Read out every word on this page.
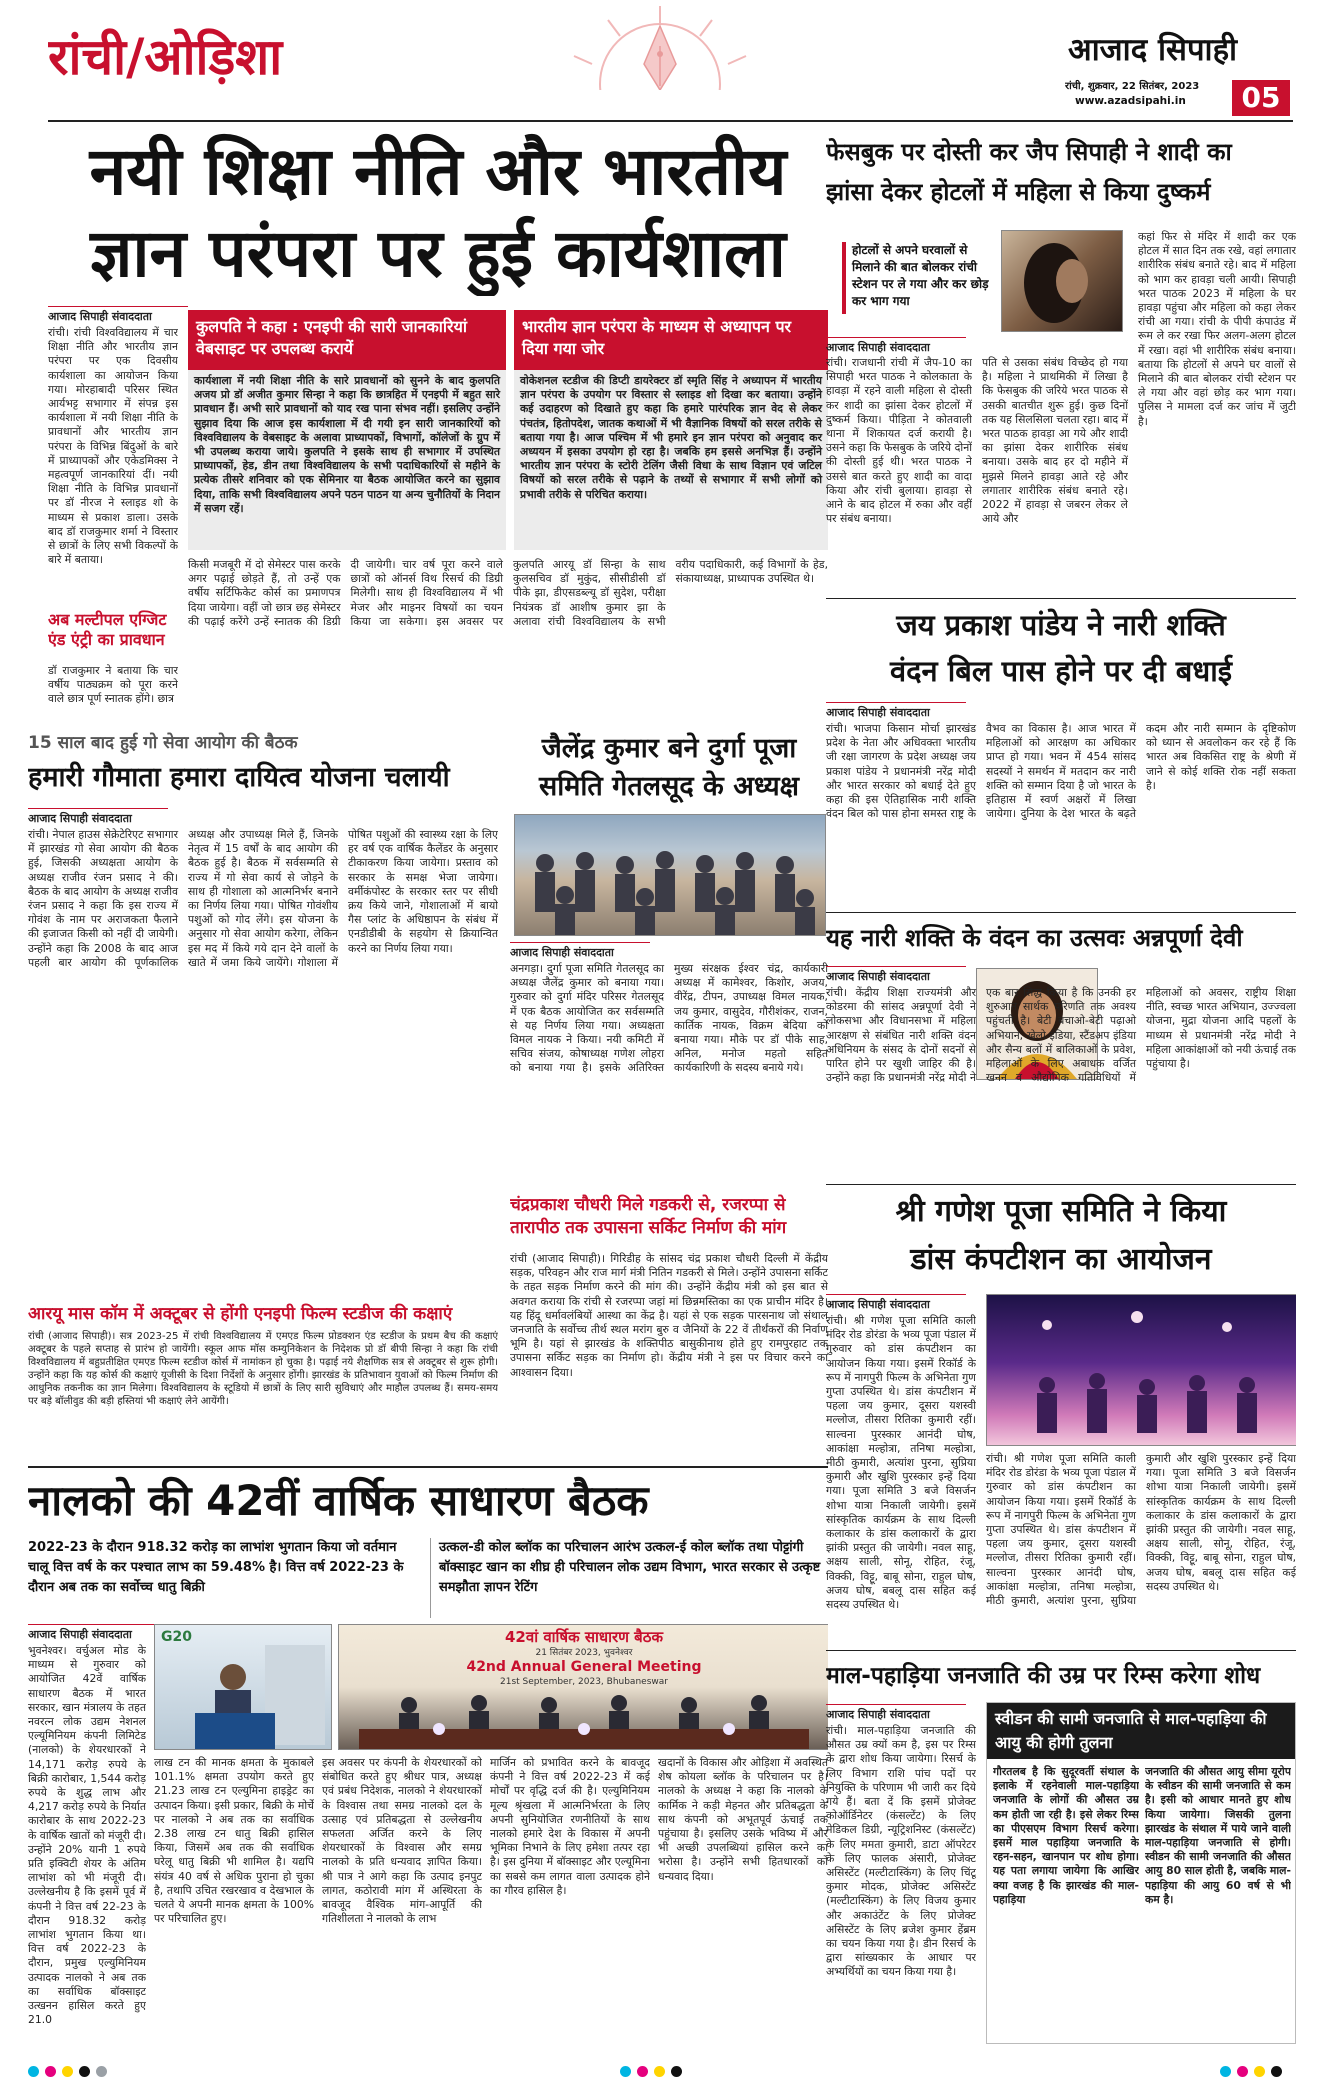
रांची/ओड़िशा	आजाद सिपाही
रांची, शुक्रवार, 22 सितंबर, 2023
www.azadsipahi.in	05
नयी शिक्षा नीति और भारतीय
ज्ञान परंपरा पर हुई कार्यशाला
आजाद सिपाही संवाददाता
रांची। रांची विश्वविद्यालय में चार शिक्षा नीति और भारतीय ज्ञान परंपरा पर एक दिवसीय कार्यशाला का आयोजन किया गया। मोरहाबादी परिसर स्थित आर्यभट्ट सभागार में संपन्न इस कार्यशाला में नयी शिक्षा नीति के प्रावधानों और भारतीय ज्ञान परंपरा के विभिन्न बिंदुओं के बारे में प्राध्यापकों और एकेडमिक्स ने महत्वपूर्ण जानकारियां दीं। नयी शिक्षा नीति के विभिन्न प्रावधानों पर डॉ नीरज ने स्लाइड शो के माध्यम से प्रकाश डाला। उसके बाद डॉ राजकुमार शर्मा ने विस्तार से छात्रों के लिए सभी विकल्पों के बारे में बताया।
अब मल्टीपल एग्जिट एंड एंट्री का प्रावधान
डॉ राजकुमार ने बताया कि चार वर्षीय पाठ्यक्रम को पूरा करने वाले छात्र पूर्ण स्नातक होंगे। छात्र
कुलपति ने कहा : एनइपी की सारी जानकारियां वेबसाइट पर उपलब्ध करायें
कार्यशाला में नयी शिक्षा नीति के सारे प्रावधानों को सुनने के बाद कुलपति अजय प्रो डॉ अजीत कुमार सिन्हा ने कहा कि छात्रहित में एनइपी में बहुत सारे प्रावधान हैं। अभी सारे प्रावधानों को याद रख पाना संभव नहीं। इसलिए उन्होंने सुझाव दिया कि आज इस कार्यशाला में दी गयी इन सारी जानकारियों को विश्वविद्यालय के वेबसाइट के अलावा प्राध्यापकों, विभागों, कॉलेजों के ग्रुप में भी उपलब्ध कराया जाये। कुलपति ने इसके साथ ही सभागार में उपस्थित प्राध्यापकों, हेड, डीन तथा विश्वविद्यालय के सभी पदाधिकारियों से महीने के प्रत्येक तीसरे शनिवार को एक सेमिनार या बैठक आयोजित करने का सुझाव दिया, ताकि सभी विश्वविद्यालय अपने पठन पाठन या अन्य चुनौतियों के निदान में सजग रहें।
भारतीय ज्ञान परंपरा के माध्यम से अध्यापन पर दिया गया जोर
वोकेशनल स्टडीज की डिप्टी डायरेक्टर डॉ स्मृति सिंह ने अध्यापन में भारतीय ज्ञान परंपरा के उपयोग पर विस्तार से स्लाइड शो दिखा कर बताया। उन्होंने कई उदाहरण को दिखाते हुए कहा कि हमारे पारंपरिक ज्ञान वेद से लेकर पंचतंत्र, हितोपदेश, जातक कथाओं में भी वैज्ञानिक विषयों को सरल तरीके से बताया गया है। आज पश्चिम में भी हमारे इन ज्ञान परंपरा को अनुवाद कर अध्ययन में इसका उपयोग हो रहा है। जबकि हम इससे अनभिज्ञ हैं। उन्होंने भारतीय ज्ञान परंपरा के स्टोरी टेलिंग जैसी विधा के साथ विज्ञान एवं जटिल विषयों को सरल तरीके से पढ़ाने के तथ्यों से सभागार में सभी लोगों को प्रभावी तरीके से परिचित कराया।
किसी मजबूरी में दो सेमेस्टर पास करके अगर पढ़ाई छोड़ते हैं, तो उन्हें एक वर्षीय सर्टिफिकेट कोर्स का प्रमाणपत्र दिया जायेगा। वहीं जो छात्र छह सेमेस्टर की पढ़ाई करेंगे उन्हें स्नातक की डिग्री दी जायेगी। चार वर्ष पूरा करने वाले छात्रों को ऑनर्स विथ रिसर्च की डिग्री मिलेगी। साथ ही विश्वविद्यालय में भी मेजर और माइनर विषयों का चयन किया जा सकेगा। इस अवसर पर कुलपति आरयू डॉ सिन्हा के साथ कुलसचिव डॉ मुकुंद, सीसीडीसी डॉ पीके झा, डीएसडब्ल्यू डॉ सुदेश, परीक्षा नियंत्रक डॉ आशीष कुमार झा के अलावा रांची विश्वविद्यालय के सभी वरीय पदाधिकारी, कई विभागों के हेड, संकायाध्यक्ष, प्राध्यापक उपस्थित थे।
15 साल बाद हुई गो सेवा आयोग की बैठक
हमारी गौमाता हमारा दायित्व योजना चलायी
आजाद सिपाही संवाददाता
रांची। नेपाल हाउस सेक्रेटेरिएट सभागार में झारखंड गो सेवा आयोग की बैठक हुई, जिसकी अध्यक्षता आयोग के अध्यक्ष राजीव रंजन प्रसाद ने की। बैठक के बाद आयोग के अध्यक्ष राजीव रंजन प्रसाद ने कहा कि इस राज्य में गोवंश के नाम पर अराजकता फैलाने की इजाजत किसी को नहीं दी जायेगी। उन्होंने कहा कि 2008 के बाद आज पहली बार आयोग की पूर्णकालिक अध्यक्ष और उपाध्यक्ष मिले हैं, जिनके नेतृत्व में 15 वर्षों के बाद आयोग की बैठक हुई है। बैठक में सर्वसम्मति से राज्य में गो सेवा कार्य से जोड़ने के साथ ही गोशाला को आत्मनिर्भर बनाने का निर्णय लिया गया। पोषित गोवंशीय पशुओं को गोद लेंगे। इस योजना के अनुसार गो सेवा आयोग करेगा, लेकिन इस मद में किये गये दान देने वालों के खाते में जमा किये जायेंगे। गोशाला में पोषित पशुओं की स्वास्थ्य रक्षा के लिए हर वर्ष एक वार्षिक कैलेंडर के अनुसार टीकाकरण किया जायेगा। प्रस्ताव को सरकार के समक्ष भेजा जायेगा। वर्मीकंपोस्ट के सरकार स्तर पर सीधी क्रय किये जाने, गोशालाओं में बायो गैस प्लांट के अधिष्ठापन के संबंध में एनडीडीबी के सहयोग से क्रियान्वित करने का निर्णय लिया गया।
जैलेंद्र कुमार बने दुर्गा पूजा
समिति गेतलसूद के अध्यक्ष
आजाद सिपाही संवाददाता
अनगड़ा। दुर्गा पूजा समिति गेतलसूद का अध्यक्ष जैलेंद्र कुमार को बनाया गया। गुरुवार को दुर्गा मंदिर परिसर गेतलसूद में एक बैठक आयोजित कर सर्वसम्मति से यह निर्णय लिया गया। अध्यक्षता विमल नायक ने किया। नयी कमिटी में सचिव संजय, कोषाध्यक्ष गणेश लोहरा को बनाया गया है। इसके अतिरिक्त मुख्य संरक्षक ईश्वर चंद्र, कार्यकारी अध्यक्ष में कामेश्वर, किशोर, अजय, वीरेंद्र, टीपन, उपाध्यक्ष विमल नायक, जय कुमार, वासुदेव, गौरीशंकर, राजन, कार्तिक नायक, विक्रम बेदिया को बनाया गया। मौके पर डॉ पीके साह, अनिल, मनोज महतो सहित कार्यकारिणी के सदस्य बनाये गये।
चंद्रप्रकाश चौधरी मिले गडकरी से, रजरप्पा से तारापीठ तक उपासना सर्किट निर्माण की मांग
रांची (आजाद सिपाही)। गिरिडीह के सांसद चंद्र प्रकाश चौधरी दिल्ली में केंद्रीय सड़क, परिवहन और राज मार्ग मंत्री नितिन गडकरी से मिले। उन्होंने उपासना सर्किट के तहत सड़क निर्माण करने की मांग की। उन्होंने केंद्रीय मंत्री को इस बात से अवगत कराया कि रांची से रजरप्पा जहां मां छिन्नमस्तिका का एक प्राचीन मंदिर है। यह हिंदू धर्मावलंबियों आस्था का केंद्र है। यहां से एक सड़क पारसनाथ जो संथाल जनजाति के सर्वोच्च तीर्थ स्थल मरांग बुरु व जैनियों के 22 वें तीर्थंकरों की निर्वाण भूमि है। यहां से झारखंड के शक्तिपीठ बासुकीनाथ होते हुए रामपुरहाट तक उपासना सर्किट सड़क का निर्माण हो। केंद्रीय मंत्री ने इस पर विचार करने का आश्वासन दिया।
आरयू मास कॉम में अक्टूबर से होंगी एनइपी फिल्म स्टडीज की कक्षाएं
रांची (आजाद सिपाही)। सत्र 2023-25 में रांची विश्वविद्यालय में एमएड फिल्म प्रोडक्शन एंड स्टडीज के प्रथम बैच की कक्षाएं अक्टूबर के पहले सप्ताह से प्रारंभ हो जायेंगी। स्कूल आफ मॉस कम्युनिकेशन के निदेशक प्रो डॉ बीपी सिन्हा ने कहा कि रांची विश्वविद्यालय में बहुप्रतीक्षित एमएड फिल्म स्टडीज कोर्स में नामांकन हो चुका है। पढ़ाई नये शैक्षणिक सत्र से अक्टूबर से शुरू होगी। उन्होंने कहा कि यह कोर्स की कक्षाएं यूजीसी के दिशा निर्देशों के अनुसार होंगी। झारखंड के प्रतिभावान युवाओं को फिल्म निर्माण की आधुनिक तकनीक का ज्ञान मिलेगा। विश्वविद्यालय के स्टूडियो में छात्रों के लिए सारी सुविधाएं और माहौल उपलब्ध हैं। समय-समय पर बड़े बॉलीवुड की बड़ी हस्तियां भी कक्षाएं लेने आयेंगी।
नालको की 42वीं वार्षिक साधारण बैठक
2022-23 के दौरान 918.32 करोड़ का लाभांश भुगतान किया जो वर्तमान चालू वित्त वर्ष के कर पश्चात लाभ का 59.48% है। वित्त वर्ष 2022-23 के दौरान अब तक का सर्वोच्च धातु बिक्री
उत्कल-डी कोल ब्लॉक का परिचालन आरंभ उत्कल-ई कोल ब्लॉक तथा पोट्टांगी बॉक्साइट खान का शीघ्र ही परिचालन लोक उद्यम विभाग, भारत सरकार से उत्कृष्ट समझौता ज्ञापन रेटिंग
आजाद सिपाही संवाददाता
भुवनेश्वर। वर्चुअल मोड के माध्यम से गुरुवार को आयोजित 42वें वार्षिक साधारण बैठक में भारत सरकार, खान मंत्रालय के तहत नवरत्न लोक उद्यम नेशनल एल्यूमिनियम कंपनी लिमिटेड (नालको) के शेयरधारकों ने 14,171 करोड़ रुपये के बिक्री कारोबार, 1,544 करोड़ रुपये के शुद्ध लाभ और 4,217 करोड़ रुपये के निर्यात कारोबार के साथ 2022-23 के वार्षिक खातों को मंजूरी दी। उन्होंने 20% यानी 1 रुपये प्रति इक्विटी शेयर के अंतिम लाभांश को भी मंजूरी दी। उल्लेखनीय है कि इसमें पूर्व में कंपनी ने वित्त वर्ष 22-23 के दौरान 918.32 करोड़ लाभांश भुगतान किया था। वित्त वर्ष 2022-23 के दौरान, प्रमुख एल्युमिनियम उत्पादक नालको ने अब तक का सर्वाधिक बॉक्साइट उत्खनन हासिल करते हुए 21.0
G20	42वां वार्षिक साधारण बैठक
21 सितंबर 2023, भुवनेश्वर
42nd Annual General Meeting
21st September, 2023, Bhubaneswar
लाख टन की मानक क्षमता के मुकाबले 101.1% क्षमता उपयोग करते हुए 21.23 लाख टन एल्युमिना हाइड्रेट का उत्पादन किया। इसी प्रकार, बिक्री के मोर्चे पर नालको ने अब तक का सर्वाधिक 2.38 लाख टन धातु बिक्री हासिल किया, जिसमें अब तक की सर्वाधिक घरेलू धातु बिक्री भी शामिल है। यद्यपि संयंत्र 40 वर्ष से अधिक पुराना हो चुका है, तथापि उचित रखरखाव व देखभाल के चलते ये अपनी मानक क्षमता के 100% पर परिचालित हुए।
इस अवसर पर कंपनी के शेयरधारकों को संबोधित करते हुए श्रीधर पात्र, अध्यक्ष एवं प्रबंध निदेशक, नालको ने शेयरधारकों के विश्वास तथा समग्र नालको दल के उत्साह एवं प्रतिबद्धता से उल्लेखनीय सफलता अर्जित करने के लिए शेयरधारकों के विश्वास और समग्र नालको के प्रति धन्यवाद ज्ञापित किया। श्री पात्र ने आगे कहा कि उत्पाद इनपुट लागत, कठोरावी मांग में अस्थिरता के बावजूद वैश्विक मांग-आपूर्ति की गतिशीलता ने नालको के लाभ
मार्जिन को प्रभावित करने के बावजूद कंपनी ने वित्त वर्ष 2022-23 में कई मोर्चों पर वृद्धि दर्ज की है। एल्युमिनियम मूल्य श्रृंखला में आत्मनिर्भरता के लिए अपनी सुनियोजित रणनीतियों के साथ नालको हमारे देश के विकास में अपनी भूमिका निभाने के लिए हमेशा तत्पर रहा है। इस दुनिया में बॉक्साइट और एल्यूमिना का सबसे कम लागत वाला उत्पादक होने का गौरव हासिल है।
खदानों के विकास और ओड़िशा में अवस्थित शेष कोयला ब्लॉक के परिचालन पर है। नालको के अध्यक्ष ने कहा कि नालको के कार्मिक ने कड़ी मेहनत और प्रतिबद्धता के साथ कंपनी को अभूतपूर्व ऊंचाई तक पहुंचाया है। इसलिए उसके भविष्य में और भी अच्छी उपलब्धियां हासिल करने का भरोसा है। उन्होंने सभी हितधारकों को धन्यवाद दिया।
फेसबुक पर दोस्ती कर जैप सिपाही ने शादी का
झांसा देकर होटलों में महिला से किया दुष्कर्म
होटलों से अपने घरवालों से मिलाने की बात बोलकर रांची स्टेशन पर ले गया और कर छोड़ कर भाग गया
आजाद सिपाही संवाददाता
रांची। राजधानी रांची में जैप-10 का सिपाही भरत पाठक ने कोलकाता के हावड़ा में रहने वाली महिला से दोस्ती कर शादी का झांसा देकर होटलों में दुष्कर्म किया। पीड़िता ने कोतवाली थाना में शिकायत दर्ज करायी है। उसने कहा कि फेसबुक के जरिये दोनों की दोस्ती हुई थी। भरत पाठक ने उससे बात करते हुए शादी का वादा किया और रांची बुलाया। हावड़ा से आने के बाद होटल में रुका और वहीं पर संबंध बनाया।
पति से उसका संबंध विच्छेद हो गया है। महिला ने प्राथमिकी में लिखा है कि फेसबुक की जरिये भरत पाठक से उसकी बातचीत शुरू हुई। कुछ दिनों तक यह सिलसिला चलता रहा। बाद में भरत पाठक हावड़ा आ गये और शादी का झांसा देकर शारीरिक संबंध बनाया। उसके बाद हर दो महीने में मुझसे मिलने हावड़ा आते रहे और लगातार शारीरिक संबंध बनाते रहे। 2022 में हावड़ा से जबरन लेकर ले आये और
कहां फिर से मंदिर में शादी कर एक होटल में सात दिन तक रखे, वहां लगातार शारीरिक संबंध बनाते रहे। बाद में महिला को भाग कर हावड़ा चली आयी। सिपाही भरत पाठक 2023 में महिला के घर हावड़ा पहुंचा और महिला को कहा लेकर रांची आ गया। रांची के पीपी कंपाउंड में रूम ले कर रखा फिर अलग-अलग होटल में रखा। वहां भी शारीरिक संबंध बनाया। बताया कि होटलों से अपने घर वालों से मिलाने की बात बोलकर रांची स्टेशन पर ले गया और वहां छोड़ कर भाग गया। पुलिस ने मामला दर्ज कर जांच में जुटी है।
जय प्रकाश पांडेय ने नारी शक्ति
वंदन बिल पास होने पर दी बधाई
आजाद सिपाही संवाददाता
रांची। भाजपा किसान मोर्चा झारखंड प्रदेश के नेता और अधिवक्ता भारतीय जी रक्षा जागरण के प्रदेश अध्यक्ष जय प्रकाश पांडेय ने प्रधानमंत्री नरेंद्र मोदी और भारत सरकार को बधाई देते हुए कहा की इस ऐतिहासिक नारी शक्ति वंदन बिल को पास होना समस्त राष्ट्र के वैभव का विकास है। आज भारत में महिलाओं को आरक्षण का अधिकार प्राप्त हो गया। भवन में 454 सांसद सदस्यों ने समर्थन में मतदान कर नारी शक्ति को सम्मान दिया है जो भारत के इतिहास में स्वर्ण अक्षरों में लिखा जायेगा। दुनिया के देश भारत के बढ़ते कदम और नारी सम्मान के दृष्टिकोण को ध्यान से अवलोकन कर रहे हैं कि भारत अब विकसित राष्ट्र के श्रेणी में जाने से कोई शक्ति रोक नहीं सकता है।
यह नारी शक्ति के वंदन का उत्सवः अन्नपूर्णा देवी
आजाद सिपाही संवाददाता
रांची। केंद्रीय शिक्षा राज्यमंत्री और कोडरमा की सांसद अन्नपूर्णा देवी ने लोकसभा और विधानसभा में महिला आरक्षण से संबंधित नारी शक्ति वंदन अधिनियम के संसद के दोनों सदनों से पारित होने पर खुशी जाहिर की है। उन्होंने कहा कि प्रधानमंत्री नरेंद्र मोदी ने एक बार सिद्ध किया है कि उनकी हर शुरुआत सार्थक परिणति तक अवश्य पहुंचती है। बेटी बचाओ-बेटी पढ़ाओ अभियान, खेलो इंडिया, स्टैंडअप इंडिया और सैन्य बलों में बालिकाओं के प्रवेश, महिलाओं के लिए अबाधक वर्जित खनन व औद्योगिक गतिविधियों में महिलाओं को अवसर, राष्ट्रीय शिक्षा नीति, स्वच्छ भारत अभियान, उज्ज्वला योजना, मुद्रा योजना आदि पहलों के माध्यम से प्रधानमंत्री नरेंद्र मोदी ने महिला आकांक्षाओं को नयी ऊंचाई तक पहुंचाया है।
श्री गणेश पूजा समिति ने किया
डांस कंपटीशन का आयोजन
आजाद सिपाही संवाददाता
रांची। श्री गणेश पूजा समिति काली मंदिर रोड डोरंडा के भव्य पूजा पंडाल में गुरुवार को डांस कंपटीशन का आयोजन किया गया। इसमें रिकॉर्ड के रूप में नागपुरी फिल्म के अभिनेता गुण गुप्ता उपस्थित थे। डांस कंपटीशन में पहला जय कुमार, दूसरा यशस्वी मल्लोज, तीसरा रितिका कुमारी रहीं। साल्वना पुरस्कार आनंदी घोष, आकांक्षा मल्होत्रा, तनिषा मल्होत्रा, मीठी कुमारी, अत्यांश पुरना, सुप्रिया कुमारी और खुशि पुरस्कार इन्हें दिया गया। पूजा समिति 3 बजे विसर्जन शोभा यात्रा निकाली जायेगी। इसमें सांस्कृतिक कार्यक्रम के साथ दिल्ली कलाकार के डांस कलाकारों के द्वारा झांकी प्रस्तुत की जायेगी। नवल साहू, अक्षय साली, सोनू, रोहित, रंजू, विक्की, विट्टू, बाबू सोना, राहुल घोष, अजय घोष, बबलू दास सहित कई सदस्य उपस्थित थे।
रांची। श्री गणेश पूजा समिति काली मंदिर रोड डोरंडा के भव्य पूजा पंडाल में गुरुवार को डांस कंपटीशन का आयोजन किया गया। इसमें रिकॉर्ड के रूप में नागपुरी फिल्म के अभिनेता गुण गुप्ता उपस्थित थे। डांस कंपटीशन में पहला जय कुमार, दूसरा यशस्वी मल्लोज, तीसरा रितिका कुमारी रहीं। साल्वना पुरस्कार आनंदी घोष, आकांक्षा मल्होत्रा, तनिषा मल्होत्रा, मीठी कुमारी, अत्यांश पुरना, सुप्रिया कुमारी और खुशि पुरस्कार इन्हें दिया गया। पूजा समिति 3 बजे विसर्जन शोभा यात्रा निकाली जायेगी। इसमें सांस्कृतिक कार्यक्रम के साथ दिल्ली कलाकार के डांस कलाकारों के द्वारा झांकी प्रस्तुत की जायेगी। नवल साहू, अक्षय साली, सोनू, रोहित, रंजू, विक्की, विट्टू, बाबू सोना, राहुल घोष, अजय घोष, बबलू दास सहित कई सदस्य उपस्थित थे।
माल-पहाड़िया जनजाति की उम्र पर रिम्स करेगा शोध
आजाद सिपाही संवाददाता
रांची। माल-पहाड़िया जनजाति की औसत उम्र क्यों कम है, इस पर रिम्स के द्वारा शोध किया जायेगा। रिसर्च के लिए विभाग राशि पांच पदों पर नियुक्ति के परिणाम भी जारी कर दिये गये हैं। बता दें कि इसमें प्रोजेक्ट कोऑर्डिनेटर (कंसल्टेंट) के लिए मेडिकल डिग्री, न्यूट्रिशनिस्ट (कंसल्टेंट) के लिए ममता कुमारी, डाटा ऑपरेटर के लिए फालक अंसारी, प्रोजेक्ट असिस्टेंट (मल्टीटास्किंग) के लिए चिंटू कुमार मोदक, प्रोजेक्ट असिस्टेंट (मल्टीटास्किंग) के लिए विजय कुमार और अकाउंटेंट के लिए प्रोजेक्ट असिस्टेंट के लिए ब्रजेश कुमार हेंब्रम का चयन किया गया है। डीन रिसर्च के द्वारा सांख्यकार के आधार पर अभ्यर्थियों का चयन किया गया है।
स्वीडन की सामी जनजाति से माल-पहाड़िया की आयु की होगी तुलना
गौरतलब है कि सुदूरवर्ती संथाल के इलाके में रहनेवाली माल-पहाड़िया जनजाति के लोगों की औसत उम्र कम होती जा रही है। इसे लेकर रिम्स का पीएसएम विभाग रिसर्च करेगा। इसमें माल पहाड़िया जनजाति के रहन-सहन, खानपान पर शोध होगा। यह पता लगाया जायेगा कि आखिर क्या वजह है कि झारखंड की माल-पहाड़िया
जनजाति की औसत आयु सीमा यूरोप के स्वीडन की सामी जनजाति से कम है। इसी को आधार मानते हुए शोध किया जायेगा। जिसकी तुलना झारखंड के संथाल में पाये जाने वाली माल-पहाड़िया जनजाति से होगी। स्वीडन की सामी जनजाति की औसत आयु 80 साल होती है, जबकि माल-पहाड़िया की आयु 60 वर्ष से भी कम है।
